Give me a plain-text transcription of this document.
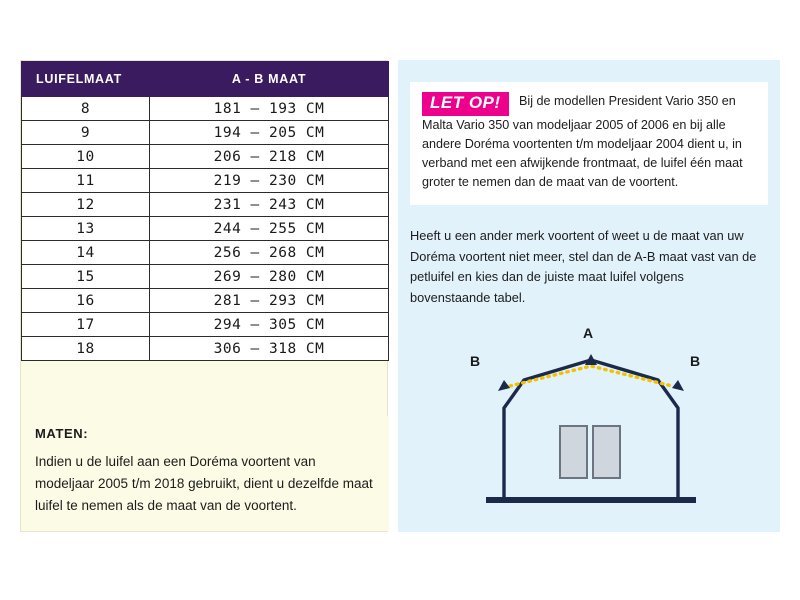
LUIFELMAAT	A - B MAAT
8	181 – 193 CM
9	194 – 205 CM
10	206 – 218 CM
11	219 – 230 CM
12	231 – 243 CM
13	244 – 255 CM
14	256 – 268 CM
15	269 – 280 CM
16	281 – 293 CM
17	294 – 305 CM
18	306 – 318 CM
MATEN:
Indien u de luifel aan een Doréma voortent van modeljaar 2005 t/m 2018 gebruikt, dient u dezelfde maat luifel te nemen als de maat van de voortent.
LET OP! Bij de modellen President Vario 350 en Malta Vario 350 van modeljaar 2005 of 2006 en bij alle andere Doréma voortenten t/m modeljaar 2004 dient u, in verband met een afwijkende frontmaat, de luifel één maat groter te nemen dan de maat van de voortent.
Heeft u een ander merk voortent of weet u de maat van uw Doréma voortent niet meer, stel dan de A-B maat vast van de petluifel en kies dan de juiste maat luifel volgens bovenstaande tabel.
A
B	B
